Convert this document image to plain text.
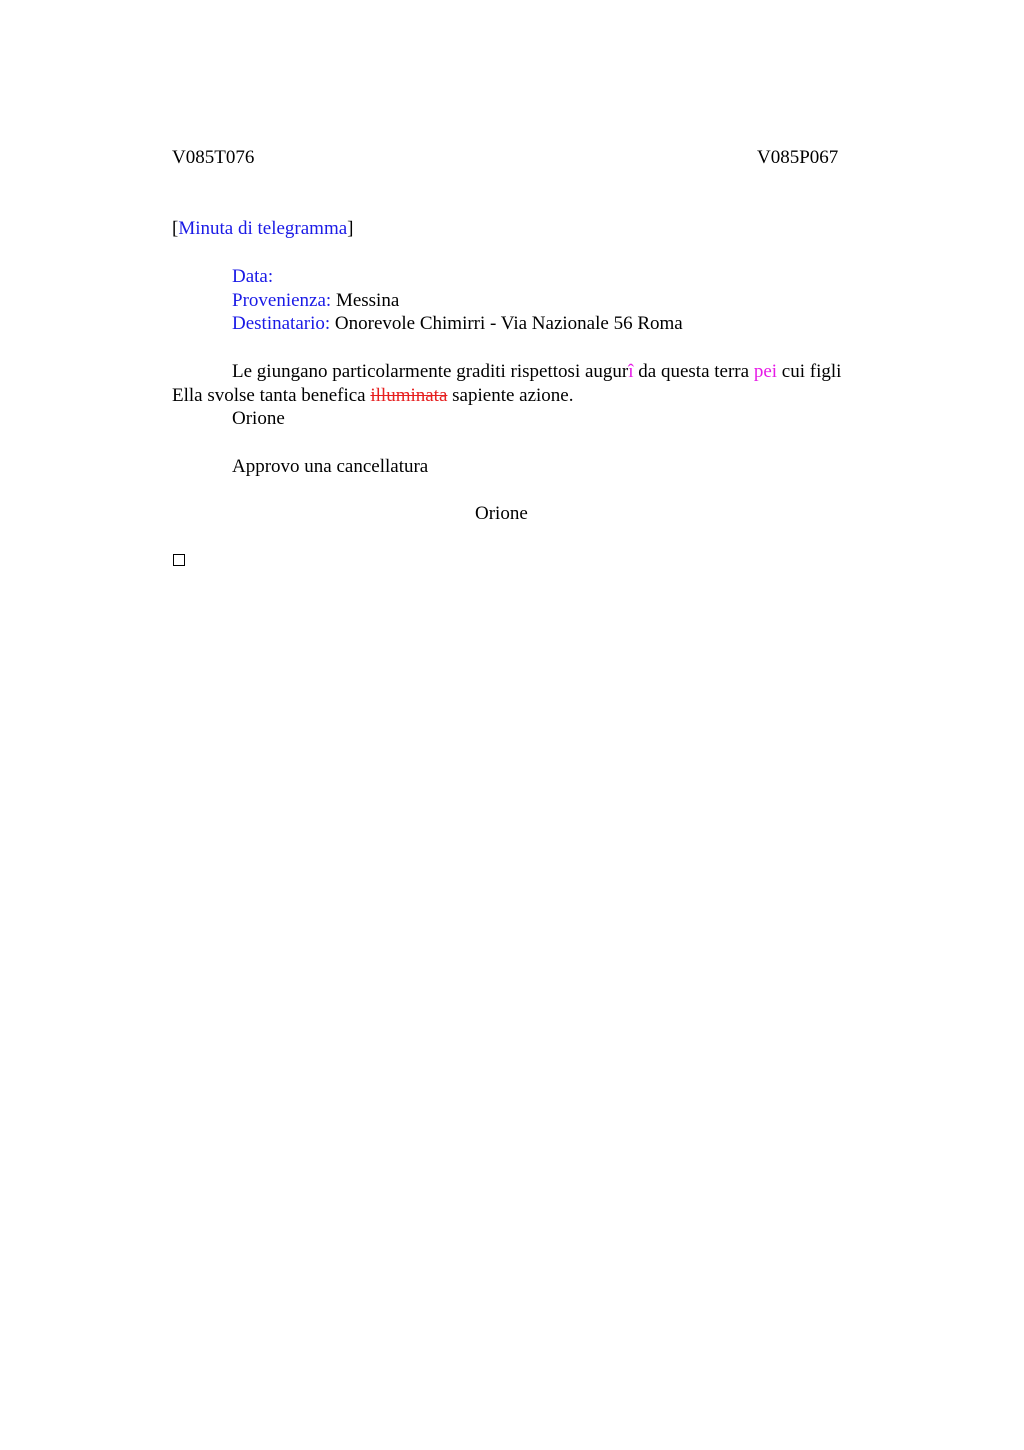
V085T076	V085P067
[Minuta di telegramma]
Data:
Provenienza: Messina
Destinatario: Onorevole Chimirri - Via Nazionale 56 Roma
Le giungano particolarmente graditi rispettosi augurî da questa terra pei cui figli
Ella svolse tanta benefica illuminata sapiente azione.
Orione
Approvo una cancellatura
Orione
